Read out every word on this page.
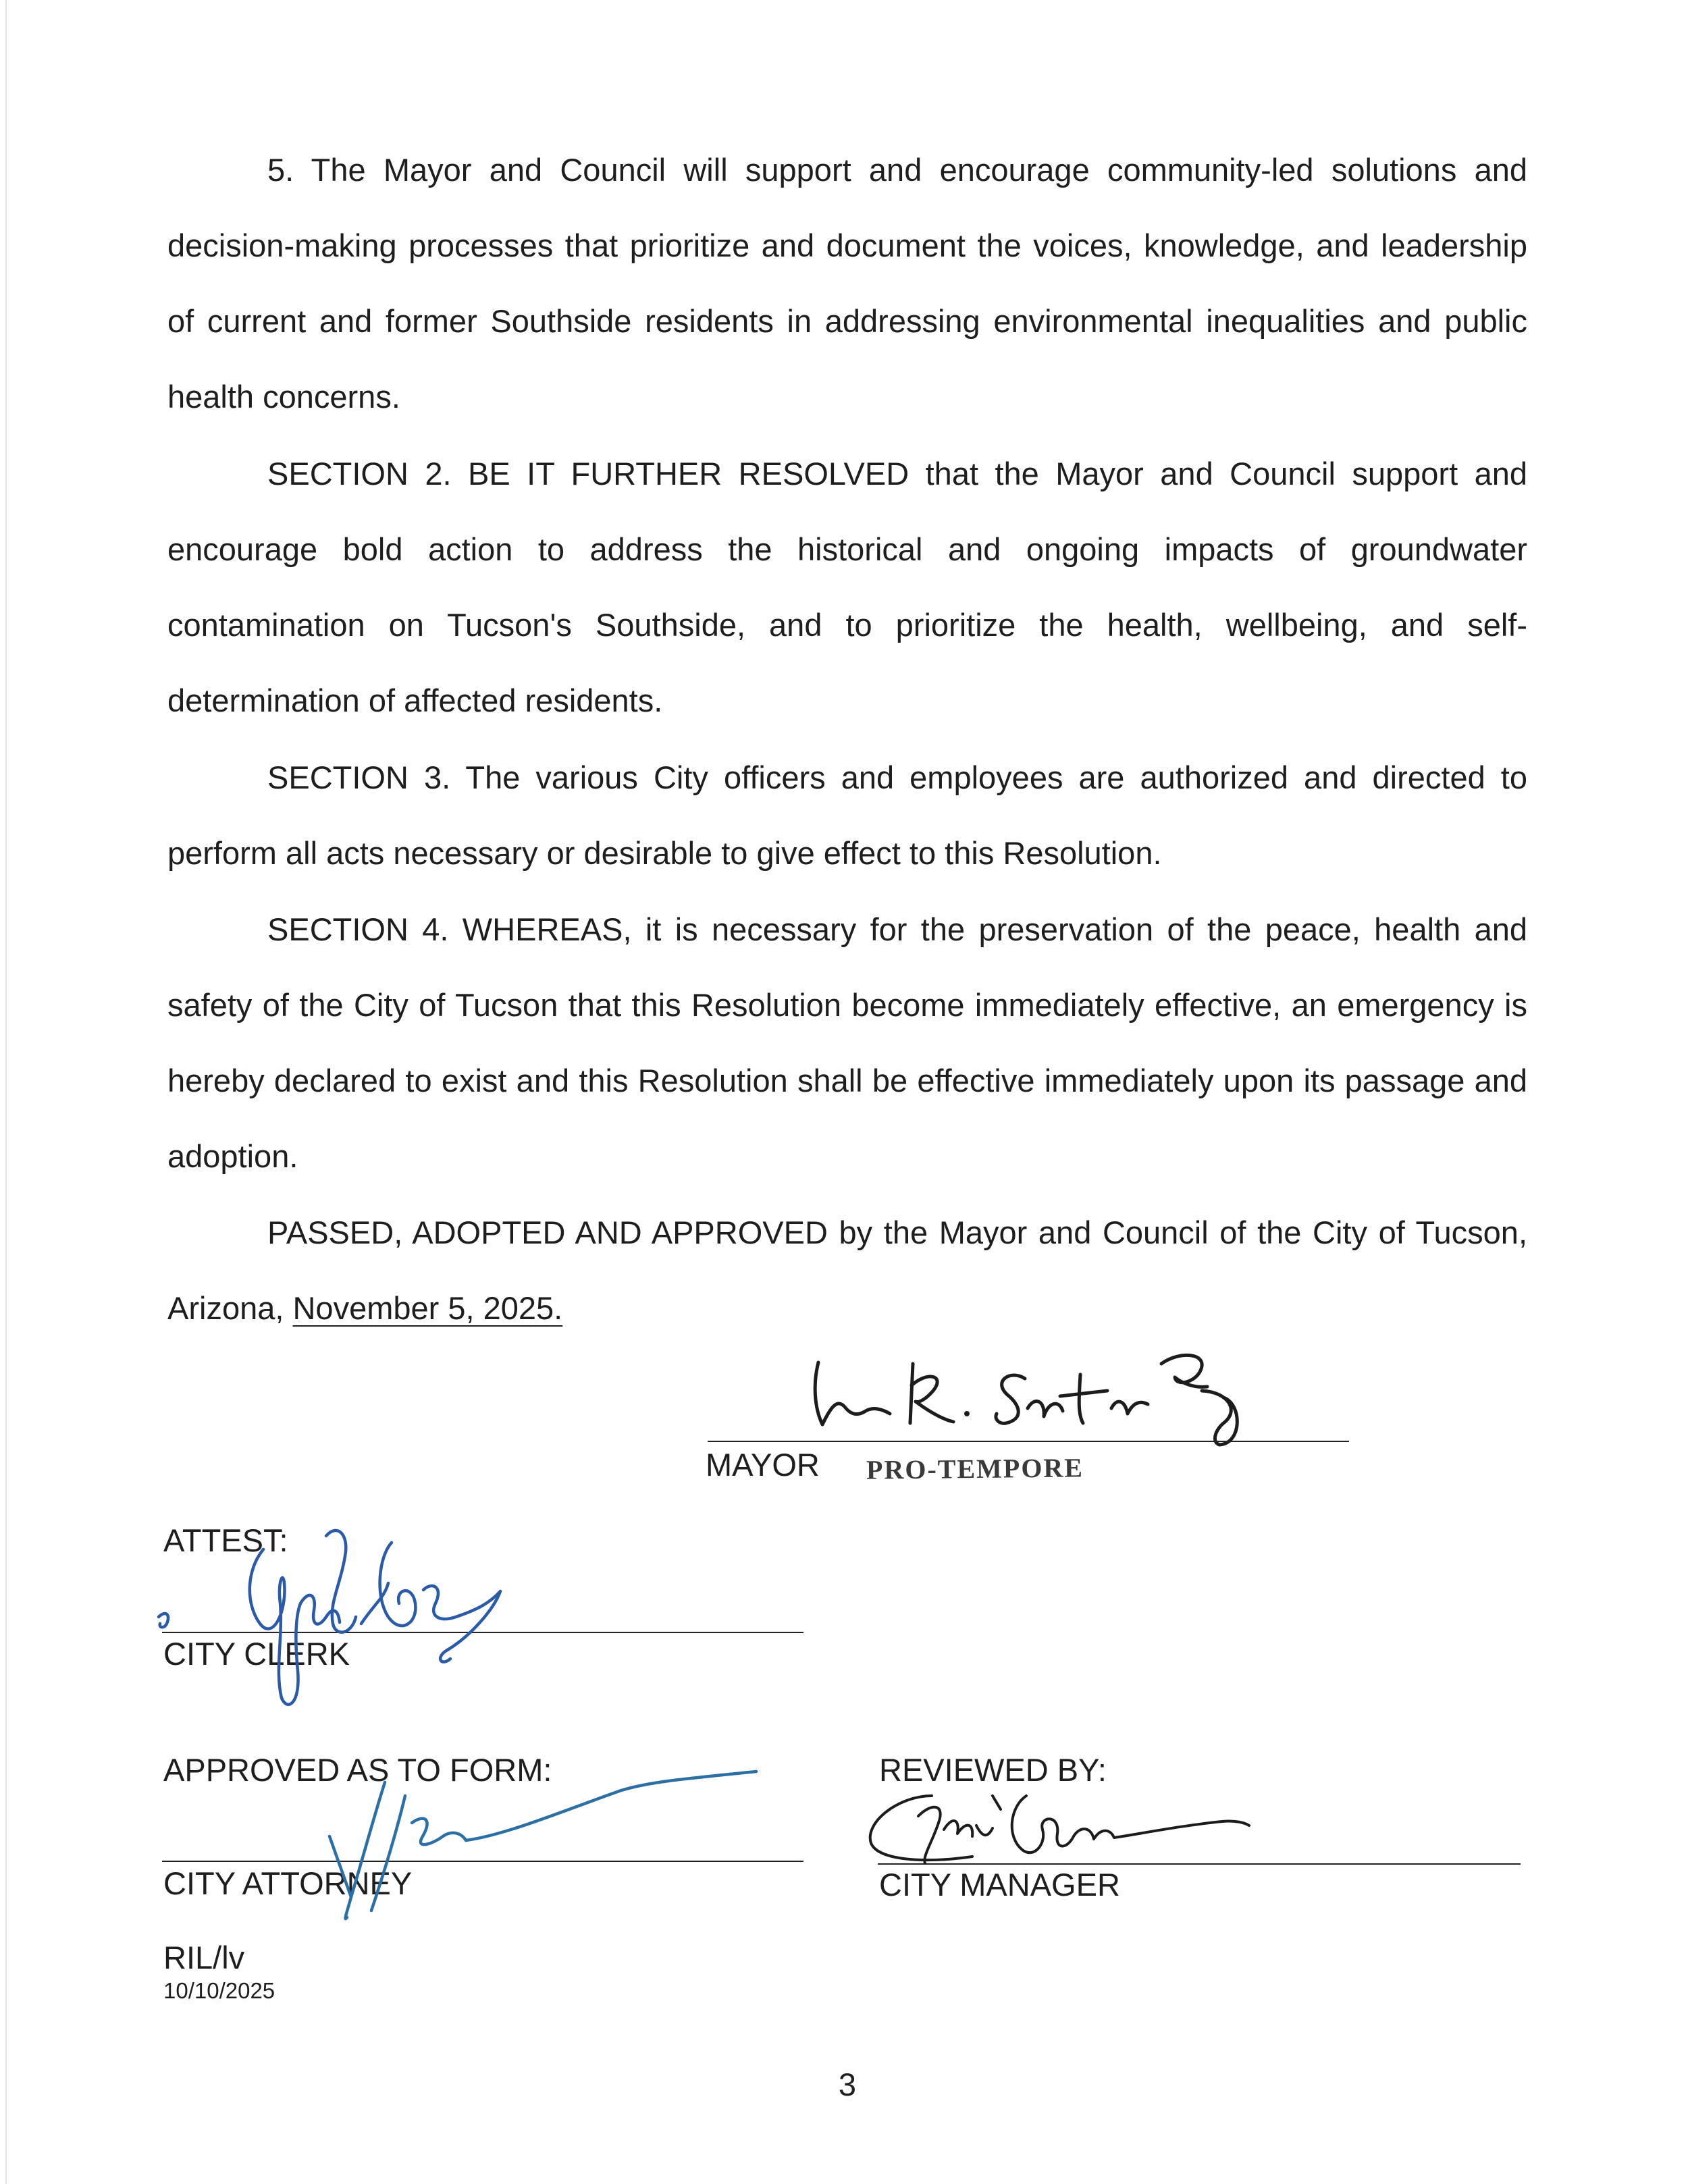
5. The Mayor and Council will support and encourage community-led solutions and decision-making processes that prioritize and document the voices, knowledge, and leadership of current and former Southside residents in addressing environmental inequalities and public health concerns.

SECTION 2. BE IT FURTHER RESOLVED that the Mayor and Council support and encourage bold action to address the historical and ongoing impacts of groundwater contamination on Tucson's Southside, and to prioritize the health, wellbeing, and self-determination of affected residents.

SECTION 3. The various City officers and employees are authorized and directed to perform all acts necessary or desirable to give effect to this Resolution.

SECTION 4. WHEREAS, it is necessary for the preservation of the peace, health and safety of the City of Tucson that this Resolution become immediately effective, an emergency is hereby declared to exist and this Resolution shall be effective immediately upon its passage and adoption.

PASSED, ADOPTED AND APPROVED by the Mayor and Council of the City of Tucson, Arizona, November 5, 2025.

MAYOR PRO-TEMPORE
ATTEST:
CITY CLERK
APPROVED AS TO FORM:
CITY ATTORNEY
REVIEWED BY:
CITY MANAGER
RIL/lv
10/10/2025
3
